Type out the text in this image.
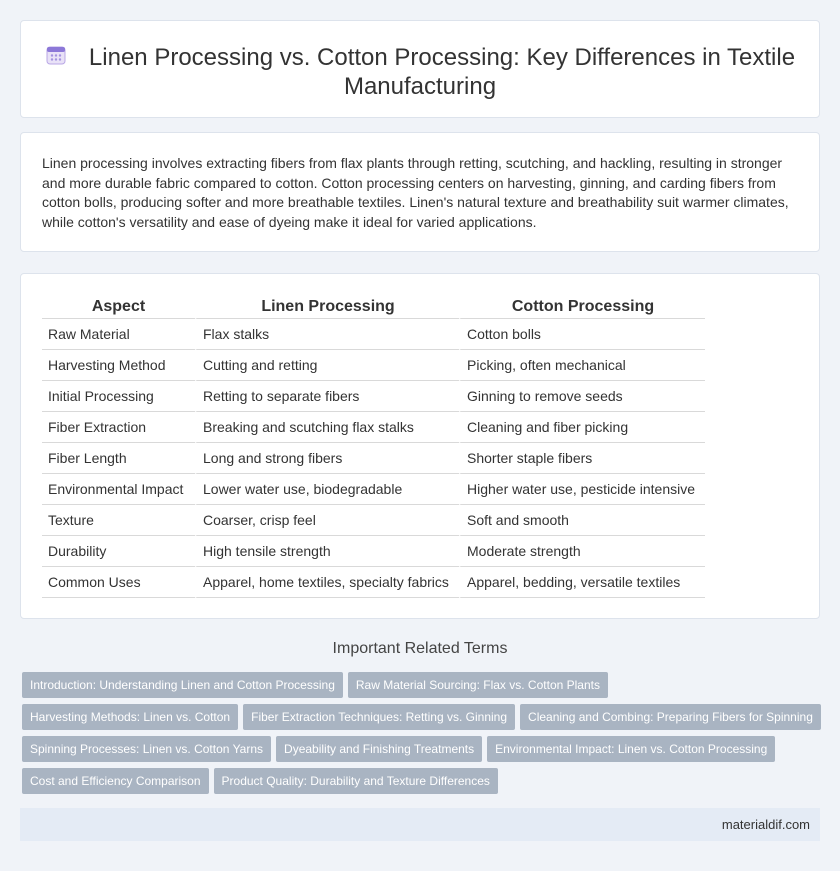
Linen Processing vs. Cotton Processing: Key Differences in Textile Manufacturing

Linen processing involves extracting fibers from flax plants through retting, scutching, and hackling, resulting in stronger and more durable fabric compared to cotton. Cotton processing centers on harvesting, ginning, and carding fibers from cotton bolls, producing softer and more breathable textiles. Linen's natural texture and breathability suit warmer climates, while cotton's versatility and ease of dyeing make it ideal for varied applications.

Aspect	Linen Processing	Cotton Processing
Raw Material	Flax stalks	Cotton bolls
Harvesting Method	Cutting and retting	Picking, often mechanical
Initial Processing	Retting to separate fibers	Ginning to remove seeds
Fiber Extraction	Breaking and scutching flax stalks	Cleaning and fiber picking
Fiber Length	Long and strong fibers	Shorter staple fibers
Environmental Impact	Lower water use, biodegradable	Higher water use, pesticide intensive
Texture	Coarser, crisp feel	Soft and smooth
Durability	High tensile strength	Moderate strength
Common Uses	Apparel, home textiles, specialty fabrics	Apparel, bedding, versatile textiles
Important Related Terms
Introduction: Understanding Linen and Cotton Processing Raw Material Sourcing: Flax vs. Cotton Plants
Harvesting Methods: Linen vs. Cotton Fiber Extraction Techniques: Retting vs. Ginning Cleaning and Combing: Preparing Fibers for Spinning
Spinning Processes: Linen vs. Cotton Yarns Dyeability and Finishing Treatments Environmental Impact: Linen vs. Cotton Processing
Cost and Efficiency Comparison Product Quality: Durability and Texture Differences
materialdif.com
